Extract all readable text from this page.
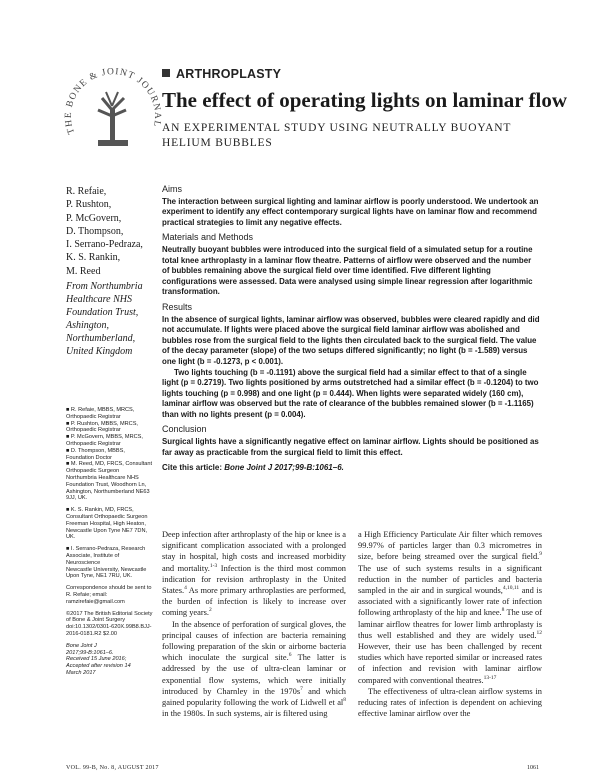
THE BONE & JOINT JOURNAL
ARTHROPLASTY
The effect of operating lights on laminar flow
AN EXPERIMENTAL STUDY USING NEUTRALLY BUOYANT
HELIUM BUBBLES
R. Refaie,
P. Rushton,
P. McGovern,
D. Thompson,
I. Serrano-Pedraza,
K. S. Rankin,
M. Reed
From Northumbria
Healthcare NHS
Foundation Trust,
Ashington,
Northumberland,
United Kingdom

■ R. Refaie, MBBS, MRCS, Orthopaedic Registrar
■ P. Rushton, MBBS, MRCS, Orthopaedic Registrar
■ P. McGovern, MBBS, MRCS, Orthopaedic Registrar
■ D. Thompson, MBBS, Foundation Doctor
■ M. Reed, MD, FRCS, Consultant Orthopaedic Surgeon
Northumbria Healthcare NHS Foundation Trust, Woodhorn Ln, Ashington, Northumberland NE63 9JJ, UK.

■ K. S. Rankin, MD, FRCS, Consultant Orthopaedic Surgeon
Freeman Hospital, High Heaton, Newcastle Upon Tyne NE7 7DN, UK.

■ I. Serrano-Pedraza, Research Associate, Institute of Neuroscience
Newcastle University, Newcastle Upon Tyne, NE1 7RU, UK.

Correspondence should be sent to R. Refaie; email: ramzirefaie@gmail.com

©2017 The British Editorial Society of Bone & Joint Surgery
doi:10.1302/0301-620X.99B8.BJJ-2016-0181.R2 $2.00

Bone Joint J
2017;99-B:1061–6.
Received 15 June 2016;
Accepted after revision 14
March 2017

Aims

The interaction between surgical lighting and laminar airflow is poorly understood. We undertook an experiment to identify any effect contemporary surgical lights have on laminar flow and recommend practical strategies to limit any negative effects.

Materials and Methods

Neutrally buoyant bubbles were introduced into the surgical field of a simulated setup for a routine total knee arthroplasty in a laminar flow theatre. Patterns of airflow were observed and the number of bubbles remaining above the surgical field over time identified. Five different lighting configurations were assessed. Data were analysed using simple linear regression after logarithmic transformation.

Results

In the absence of surgical lights, laminar airflow was observed, bubbles were cleared rapidly and did not accumulate. If lights were placed above the surgical field laminar airflow was abolished and bubbles rose from the surgical field to the lights then circulated back to the surgical field. The value of the decay parameter (slope) of the two setups differed significantly; no light (b = -1.589) versus one light (b = -0.1273, p < 0.001).

Two lights touching (b = -0.1191) above the surgical field had a similar effect to that of a single light (p = 0.2719). Two lights positioned by arms outstretched had a similar effect (b = -0.1204) to two lights touching (p = 0.998) and one light (p = 0.444). When lights were separated widely (160 cm), laminar airflow was observed but the rate of clearance of the bubbles remained slower (b = -1.1165) than with no lights present (p = 0.004).

Conclusion

Surgical lights have a significantly negative effect on laminar airflow. Lights should be positioned as far away as practicable from the surgical field to limit this effect.

Cite this article: Bone Joint J 2017;99-B:1061–6.

Deep infection after arthroplasty of the hip or knee is a significant complication associated with a prolonged stay in hospital, high costs and increased morbidity and mortality.$^{1-3}$ Infection is the third most common indication for revision arthroplasty in the United States.$^4$ As more primary arthroplasties are performed, the burden of infection is likely to increase over coming years.$^2$

In the absence of perforation of surgical gloves, the principal causes of infection are bacteria remaining following preparation of the skin or airborne bacteria which inoculate the surgical site.$^6$ The latter is addressed by the use of ultra-clean laminar or exponential flow systems, which were initially introduced by Charnley in the $1970s^7$ and which gained popularity following the work of Lidwell et $al^8$ in the 1980s. In such systems, air is filtered using

a High Efficiency Particulate Air filter which removes 99.97% of particles larger than 0.3 micrometres in size, before being streamed over the surgical field.$^9$ The use of such systems results in a significant reduction in the number of particles and bacteria sampled in the air and in surgical wounds,$^{4,10,11}$ and is associated with a significantly lower rate of infection following arthroplasty of the hip and knee.$^8$ The use of laminar airflow theatres for lower limb arthroplasty is thus well established and they are widely used.$^{12}$ However, their use has been challenged by recent studies which have reported similar or increased rates of infection and revision with laminar airflow compared with conventional theatres.$^{13-17}$

The effectiveness of ultra-clean airflow systems in reducing rates of infection is dependent on achieving effective laminar airflow over the

VOL. 99-B, No. 8, AUGUST 2017	1061
